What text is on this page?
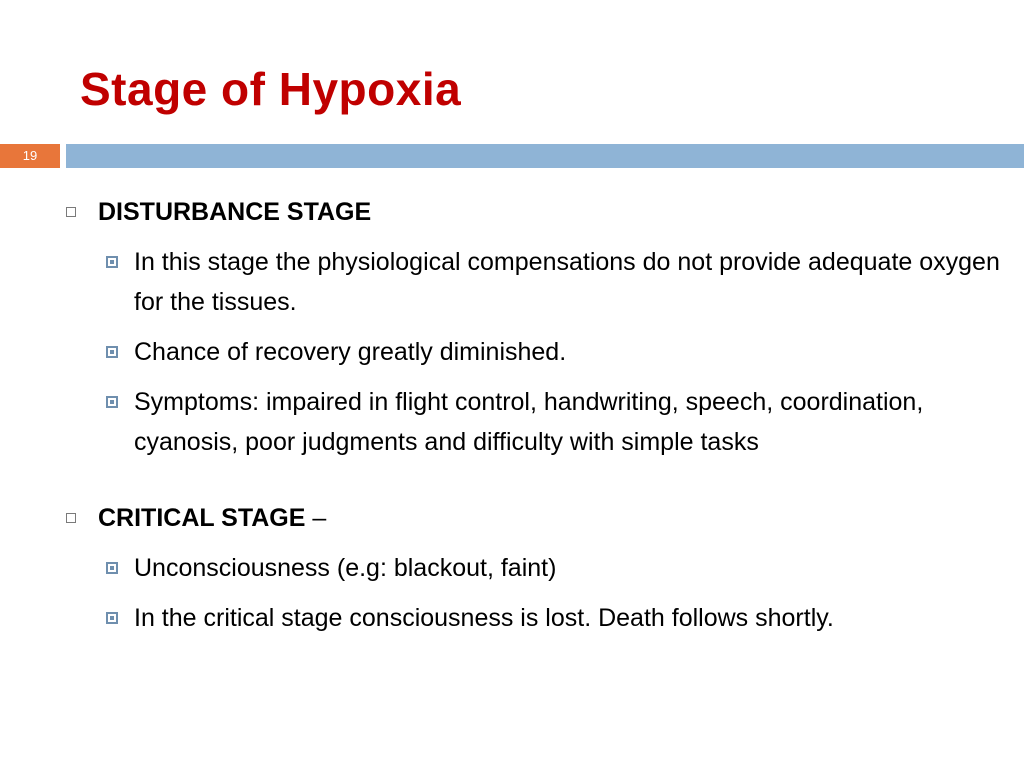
Stage of Hypoxia
19
DISTURBANCE STAGE
In this stage the physiological compensations do not provide adequate oxygen for the tissues.
Chance of recovery greatly diminished.
Symptoms: impaired in flight control, handwriting, speech, coordination, cyanosis, poor judgments and difficulty with simple tasks
CRITICAL STAGE –
Unconsciousness (e.g: blackout, faint)
In the critical stage consciousness is lost. Death follows shortly.
